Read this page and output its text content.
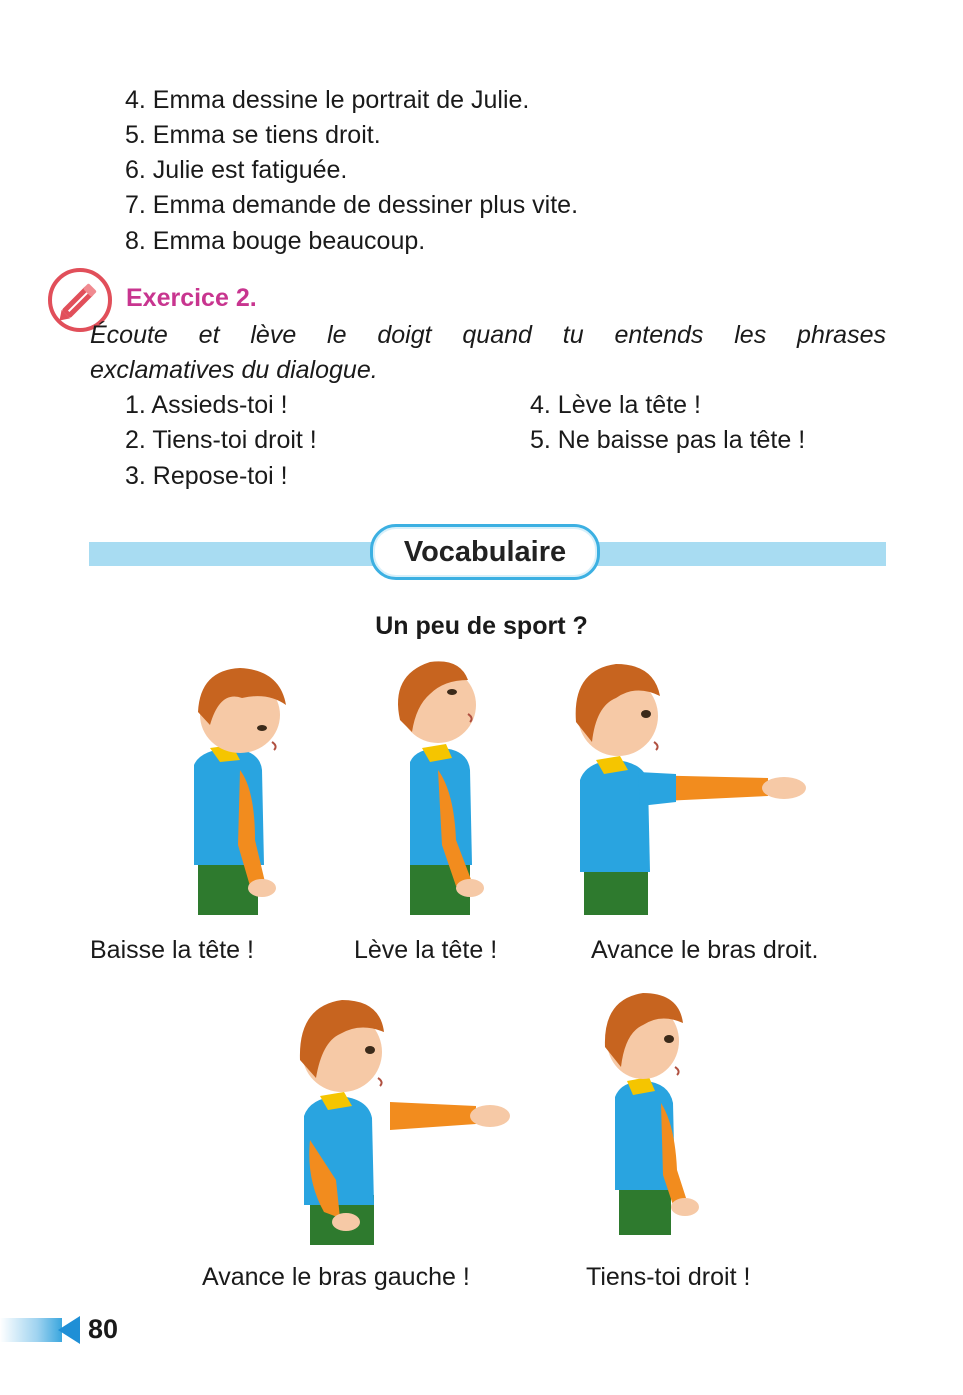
4. Emma dessine le portrait de Julie.
5. Emma se tiens droit.
6. Julie est fatiguée.
7. Emma demande de dessiner plus vite.
8. Emma bouge beaucoup.
Exercice 2.
Écoute et lève le doigt quand tu entends les phrases
exclamatives du dialogue.
1. Assieds-toi !
2. Tiens-toi droit !
3. Repose-toi !
4. Lève la tête !
5. Ne baisse pas la tête !
Vocabulaire
Un peu de sport ?
Baisse la tête !	Lève la tête !	Avance le bras droit.
Avance le bras gauche !	Tiens-toi droit !
80
